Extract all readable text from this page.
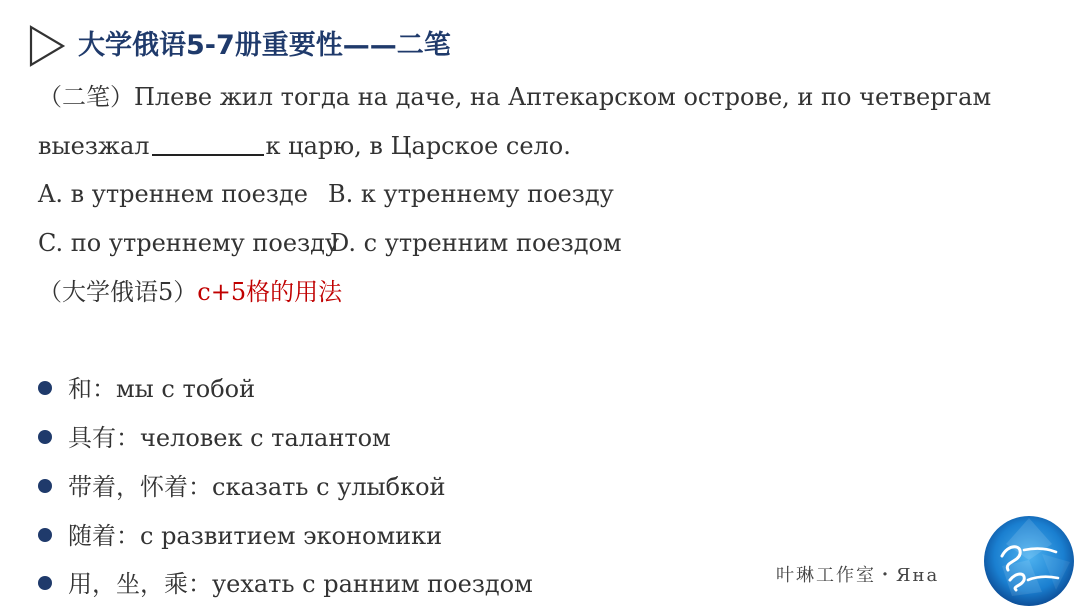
大学俄语5-7册重要性——二笔
（二笔）Плеве жил тогда на даче, на Аптекарском острове, и по четвергам
выезжал	к царю, в Царское село.
A. в утреннем поезде B. к утреннему поезду
C. по утреннему поездуD. с утренним поездом
（大学俄语5）с+5格的用法
和：мы с тобой
具有：человек с талантом
带着，怀着：сказать с улыбкой
随着：с развитием экономики
用，坐，乘：уехать с ранним поездом	叶琳工作室・Яна
